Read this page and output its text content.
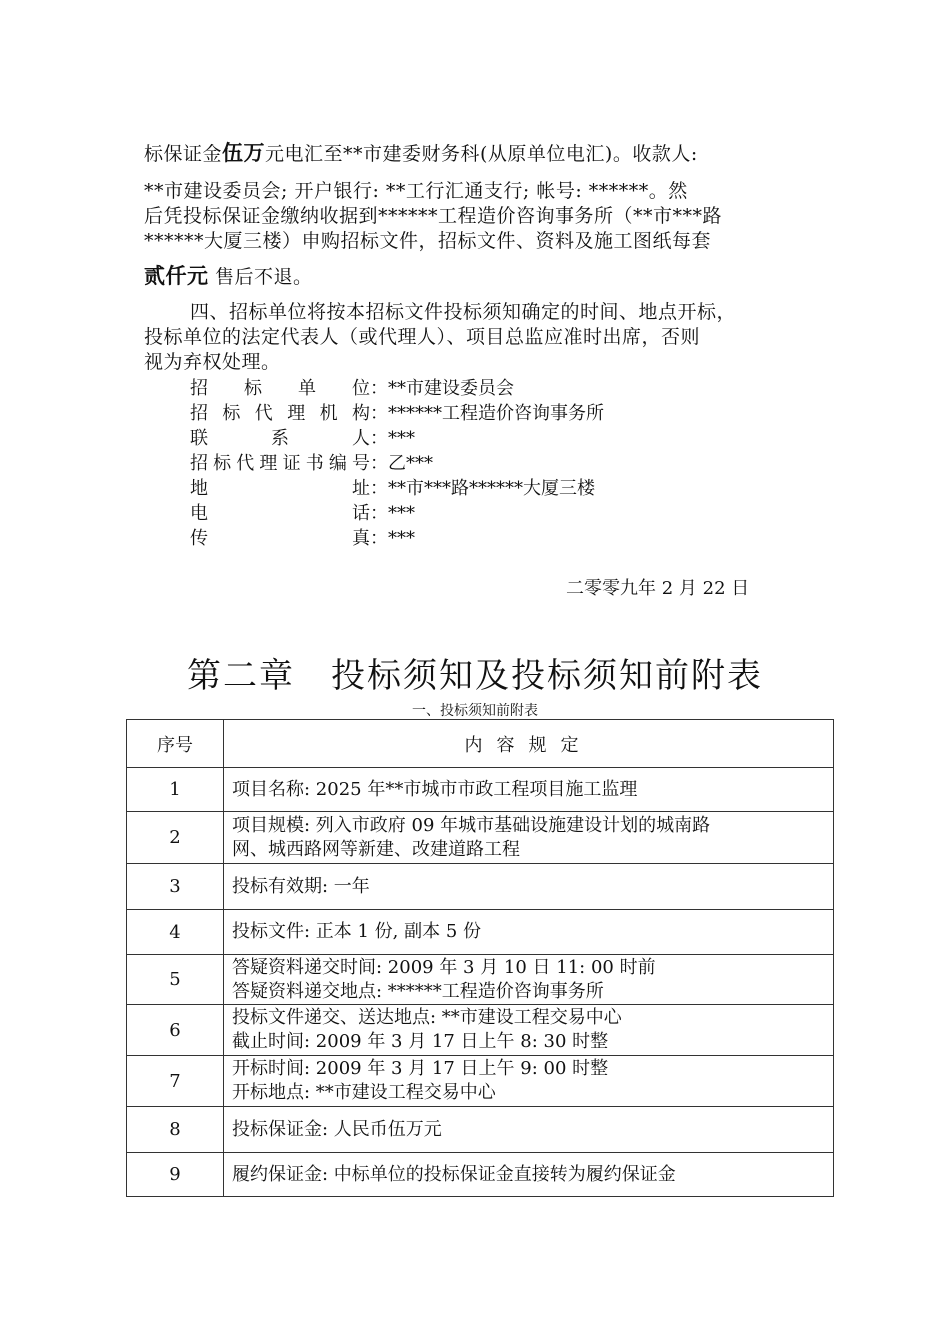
标保证金伍万元电汇至**市建委财务科(从原单位电汇)。收款人:
**市建设委员会; 开户银行: **工行汇通支行; 帐号: ******。然
后凭投标保证金缴纳收据到******工程造价咨询事务所（**市***路
******大厦三楼）申购招标文件，招标文件、资料及施工图纸每套
贰仟元 售后不退。
四、招标单位将按本招标文件投标须知确定的时间、地点开标，
投标单位的法定代表人（或代理人）、项目总监应准时出席，否则
视为弃权处理。
招标单位：**市建设委员会
招标代理机构：******工程造价咨询事务所
联系人：***
招标代理证书编号：乙***
地址：**市***路******大厦三楼
电话：***
传真：***
二零零九年 2 月 22 日
第二章　投标须知及投标须知前附表
一、投标须知前附表
序号	内容规定
1	项目名称: 2025 年**市城市市政工程项目施工监理

2	项目规模: 列入市政府 09 年城市基础设施建设计划的城南路
网、城西路网等新建、改建道路工程

3	投标有效期: 一年

4	投标文件: 正本 1 份, 副本 5 份

5	答疑资料递交时间: 2009 年 3 月 10 日 11: 00 时前
答疑资料递交地点: ******工程造价咨询事务所

6	投标文件递交、送达地点: **市建设工程交易中心
截止时间: 2009 年 3 月 17 日上午 8: 30 时整

7	开标时间: 2009 年 3 月 17 日上午 9: 00 时整
开标地点: **市建设工程交易中心

8	投标保证金: 人民币伍万元

9	履约保证金: 中标单位的投标保证金直接转为履约保证金
